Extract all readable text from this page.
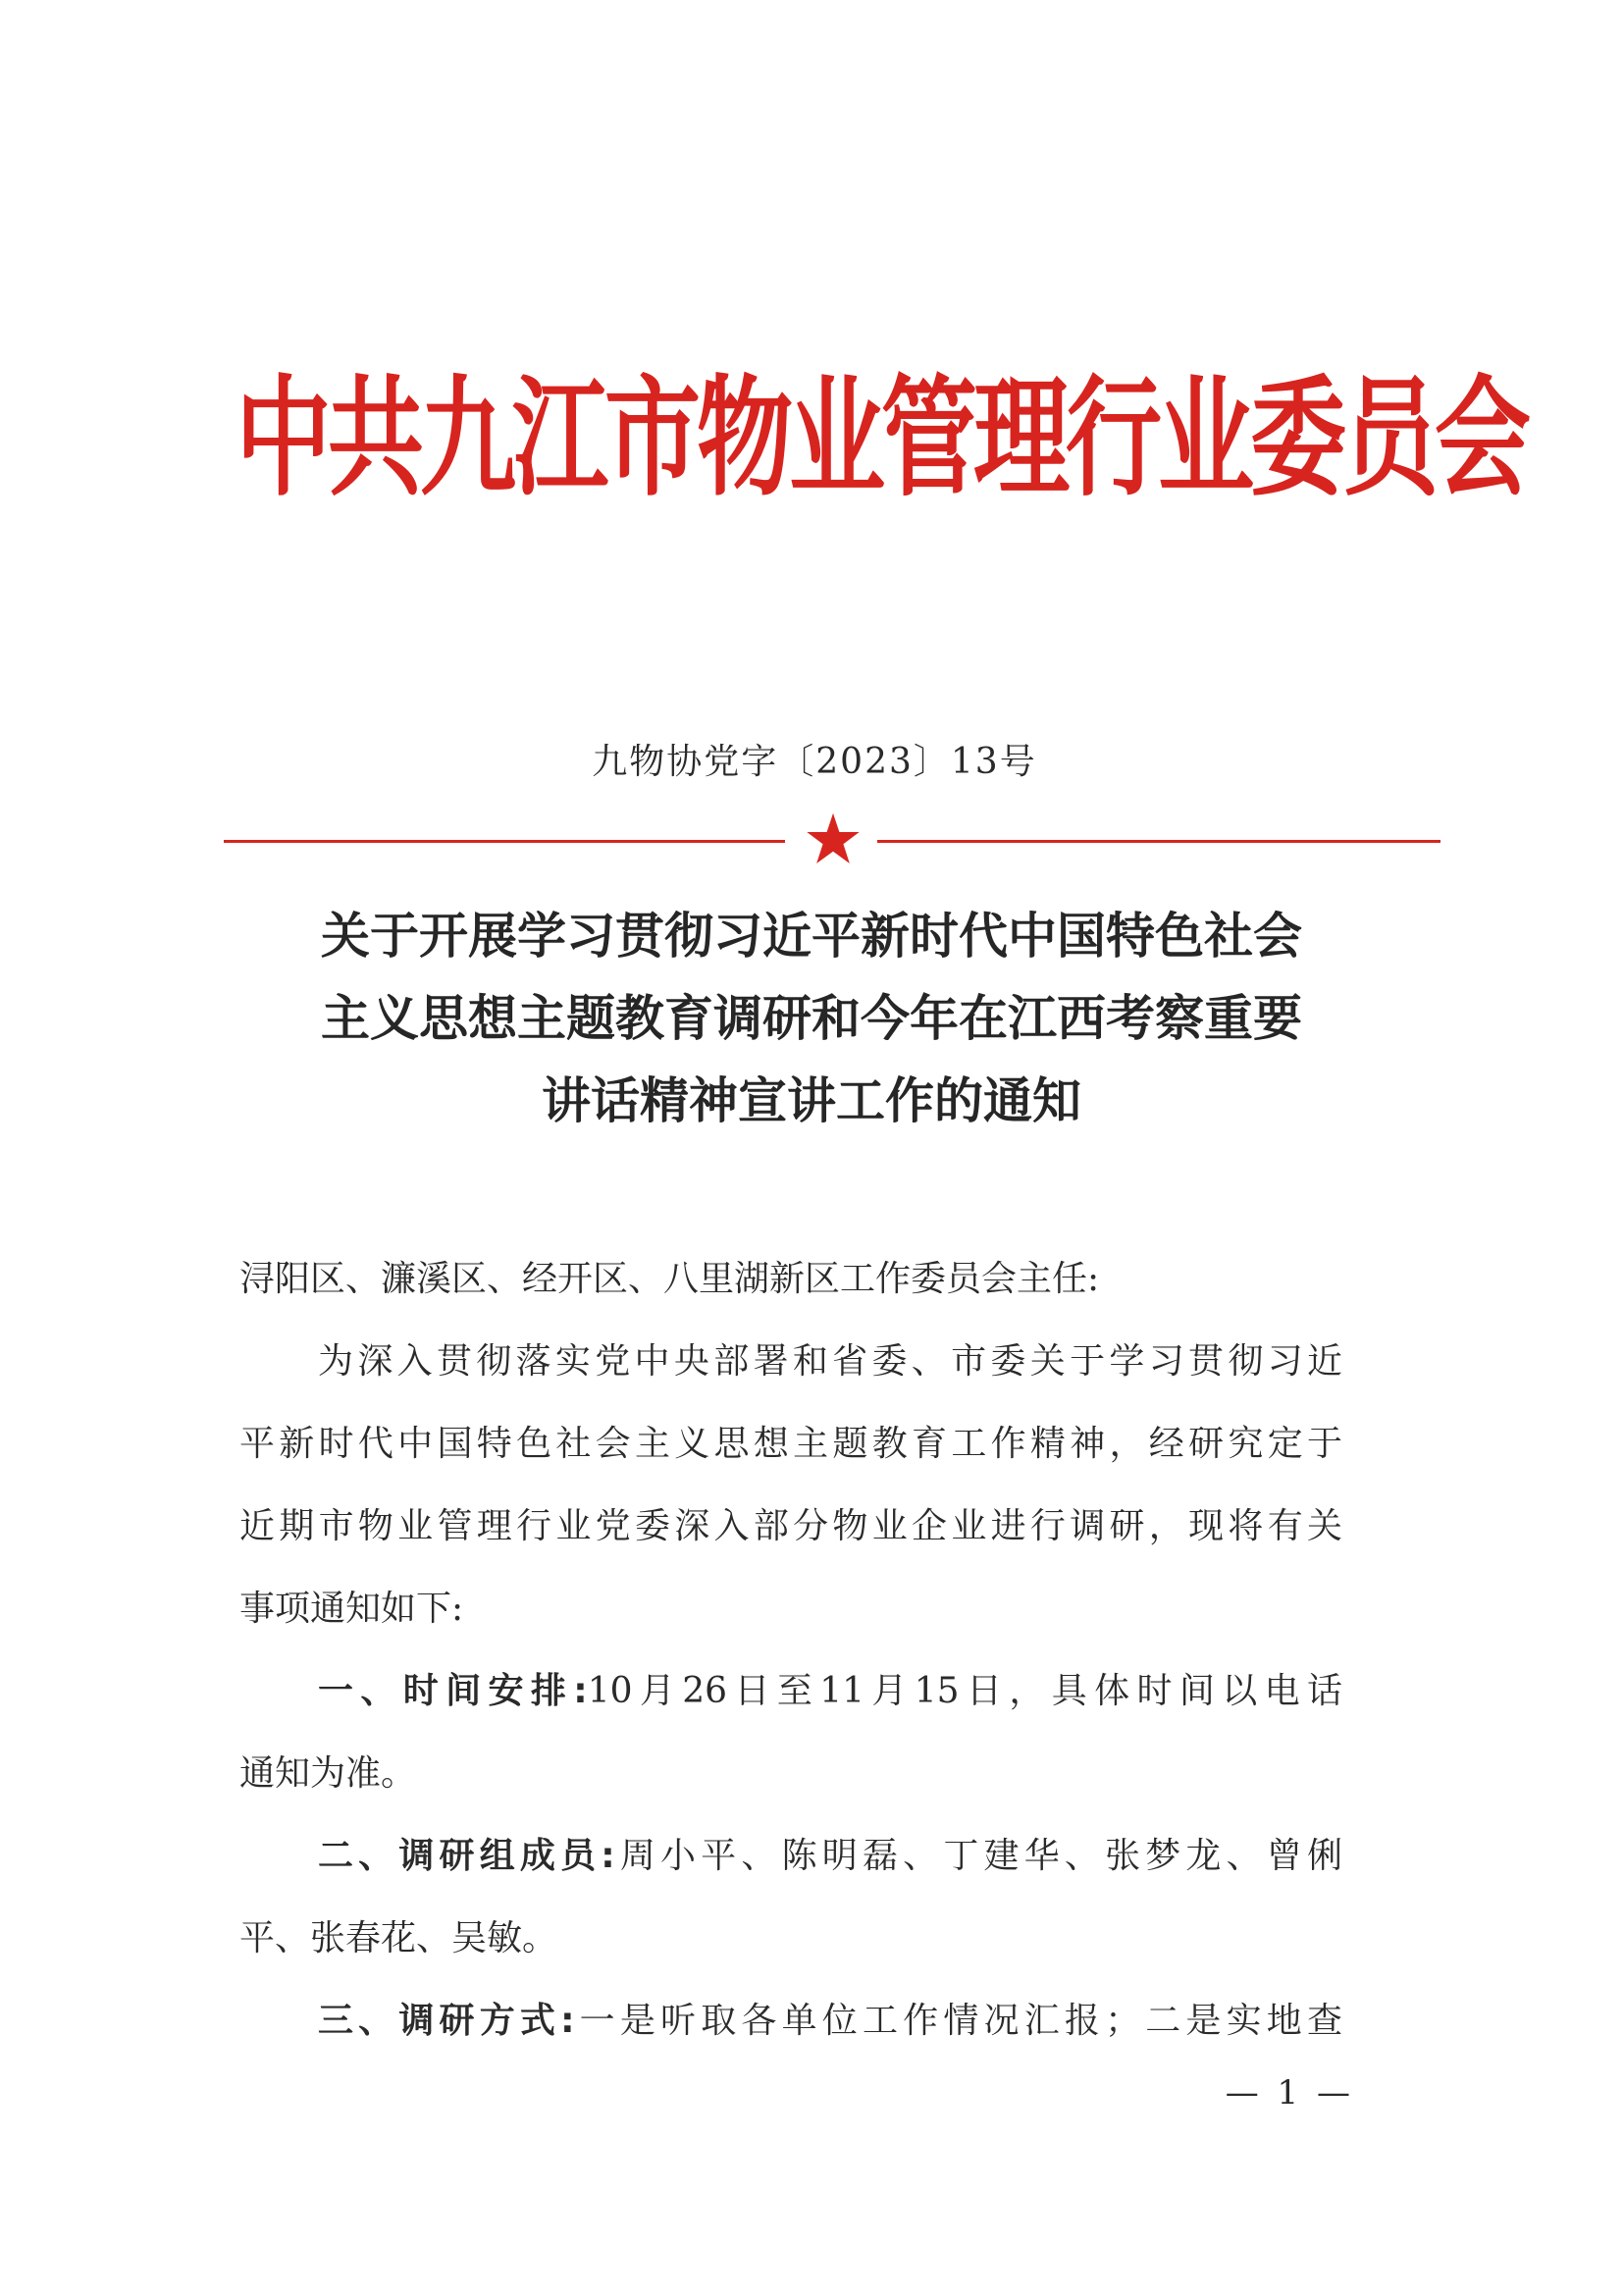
中共九江市物业管理行业委员会
九物协党字〔2023〕13号
关于开展学习贯彻习近平新时代中国特色社会
主义思想主题教育调研和今年在江西考察重要
讲话精神宣讲工作的通知
浔阳区、濂溪区、经开区、八里湖新区工作委员会主任:
为深入贯彻落实党中央部署和省委、市委关于学习贯彻习近
平新时代中国特色社会主义思想主题教育工作精神，经研究定于
近期市物业管理行业党委深入部分物业企业进行调研，现将有关
事项通知如下:
一、时间安排:10月26日至11月15日，具体时间以电话
通知为准。
二、调研组成员:周小平、陈明磊、丁建华、张梦龙、曾俐
平、张春花、吴敏。
三、调研方式:一是听取各单位工作情况汇报；二是实地查
— 1 —
